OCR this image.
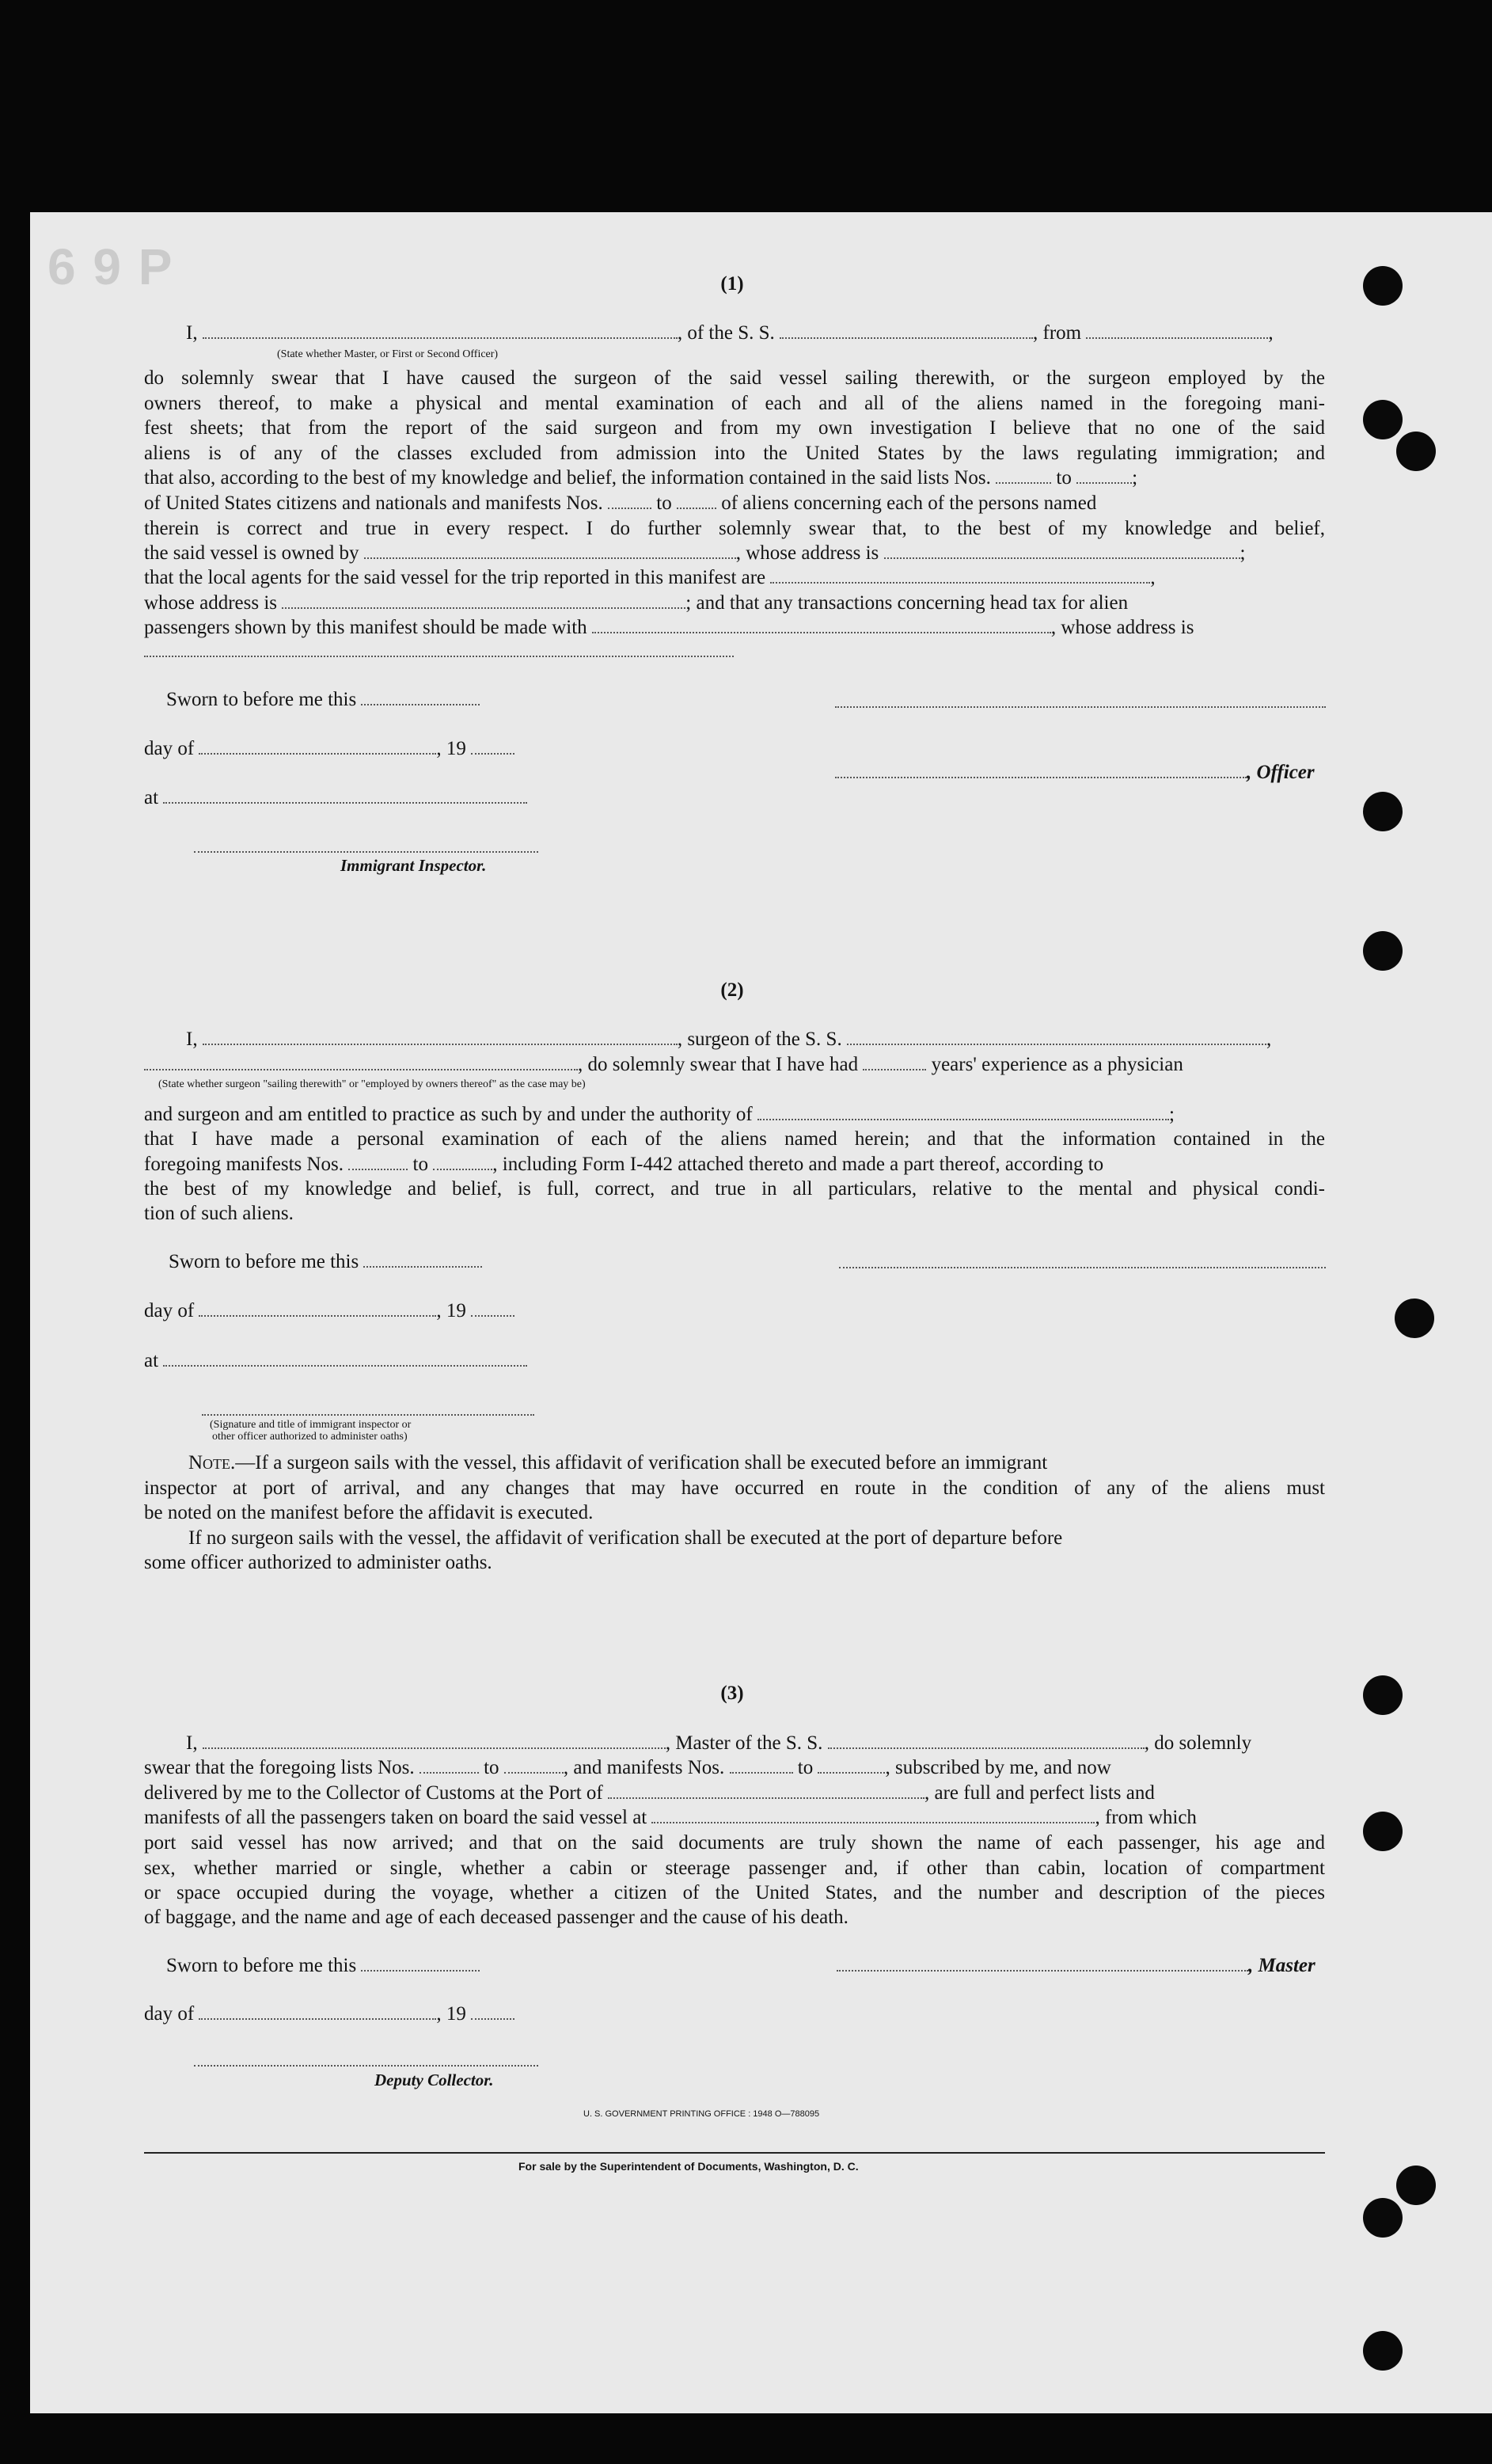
6 9 P	(1)
I,	, of the S. S.	, from	,
(State whether Master, or First or Second Officer)
do solemnly swear that I have caused the surgeon of the said vessel sailing therewith, or the surgeon employed by the
owners thereof, to make a physical and mental examination of each and all of the aliens named in the foregoing mani-
fest sheets; that from the report of the said surgeon and from my own investigation I believe that no one of the said
aliens is of any of the classes excluded from admission into the United States by the laws regulating immigration; and
that also, according to the best of my knowledge and belief, the information contained in the said lists Nos.	to	;
of United States citizens and nationals and manifests Nos.	to	of aliens concerning each of the persons named
therein is correct and true in every respect. I do further solemnly swear that, to the best of my knowledge and belief,
the said vessel is owned by	, whose address is	;
that the local agents for the said vessel for the trip reported in this manifest are	,
whose address is	; and that any transactions concerning head tax for alien
passengers shown by this manifest should be made with	, whose address is
Sworn to before me this
day of	, 19
, Officer
at
Immigrant Inspector.
(2)
I,	, surgeon of the S. S.	,
, do solemnly swear that I have had	years' experience as a physician
(State whether surgeon "sailing therewith" or "employed by owners thereof" as the case may be)
and surgeon and am entitled to practice as such by and under the authority of	;
that I have made a personal examination of each of the aliens named herein; and that the information contained in the
foregoing manifests Nos.	to	, including Form I-442 attached thereto and made a part thereof, according to
the best of my knowledge and belief, is full, correct, and true in all particulars, relative to the mental and physical condi-
tion of such aliens.
Sworn to before me this
day of	, 19
at
(Signature and title of immigrant inspector or
other officer authorized to administer oaths)
Note.—If a surgeon sails with the vessel, this affidavit of verification shall be executed before an immigrant
inspector at port of arrival, and any changes that may have occurred en route in the condition of any of the aliens must
be noted on the manifest before the affidavit is executed.
If no surgeon sails with the vessel, the affidavit of verification shall be executed at the port of departure before
some officer authorized to administer oaths.
(3)
I,	, Master of the S. S.	, do solemnly
swear that the foregoing lists Nos.	to	, and manifests Nos.	to	, subscribed by me, and now
delivered by me to the Collector of Customs at the Port of	, are full and perfect lists and
manifests of all the passengers taken on board the said vessel at	, from which
port said vessel has now arrived; and that on the said documents are truly shown the name of each passenger, his age and
sex, whether married or single, whether a cabin or steerage passenger and, if other than cabin, location of compartment
or space occupied during the voyage, whether a citizen of the United States, and the number and description of the pieces
of baggage, and the name and age of each deceased passenger and the cause of his death.
Sworn to before me this	, Master
day of	, 19
Deputy Collector.
U. S. GOVERNMENT PRINTING OFFICE : 1948 O—788095
For sale by the Superintendent of Documents, Washington, D. C.
